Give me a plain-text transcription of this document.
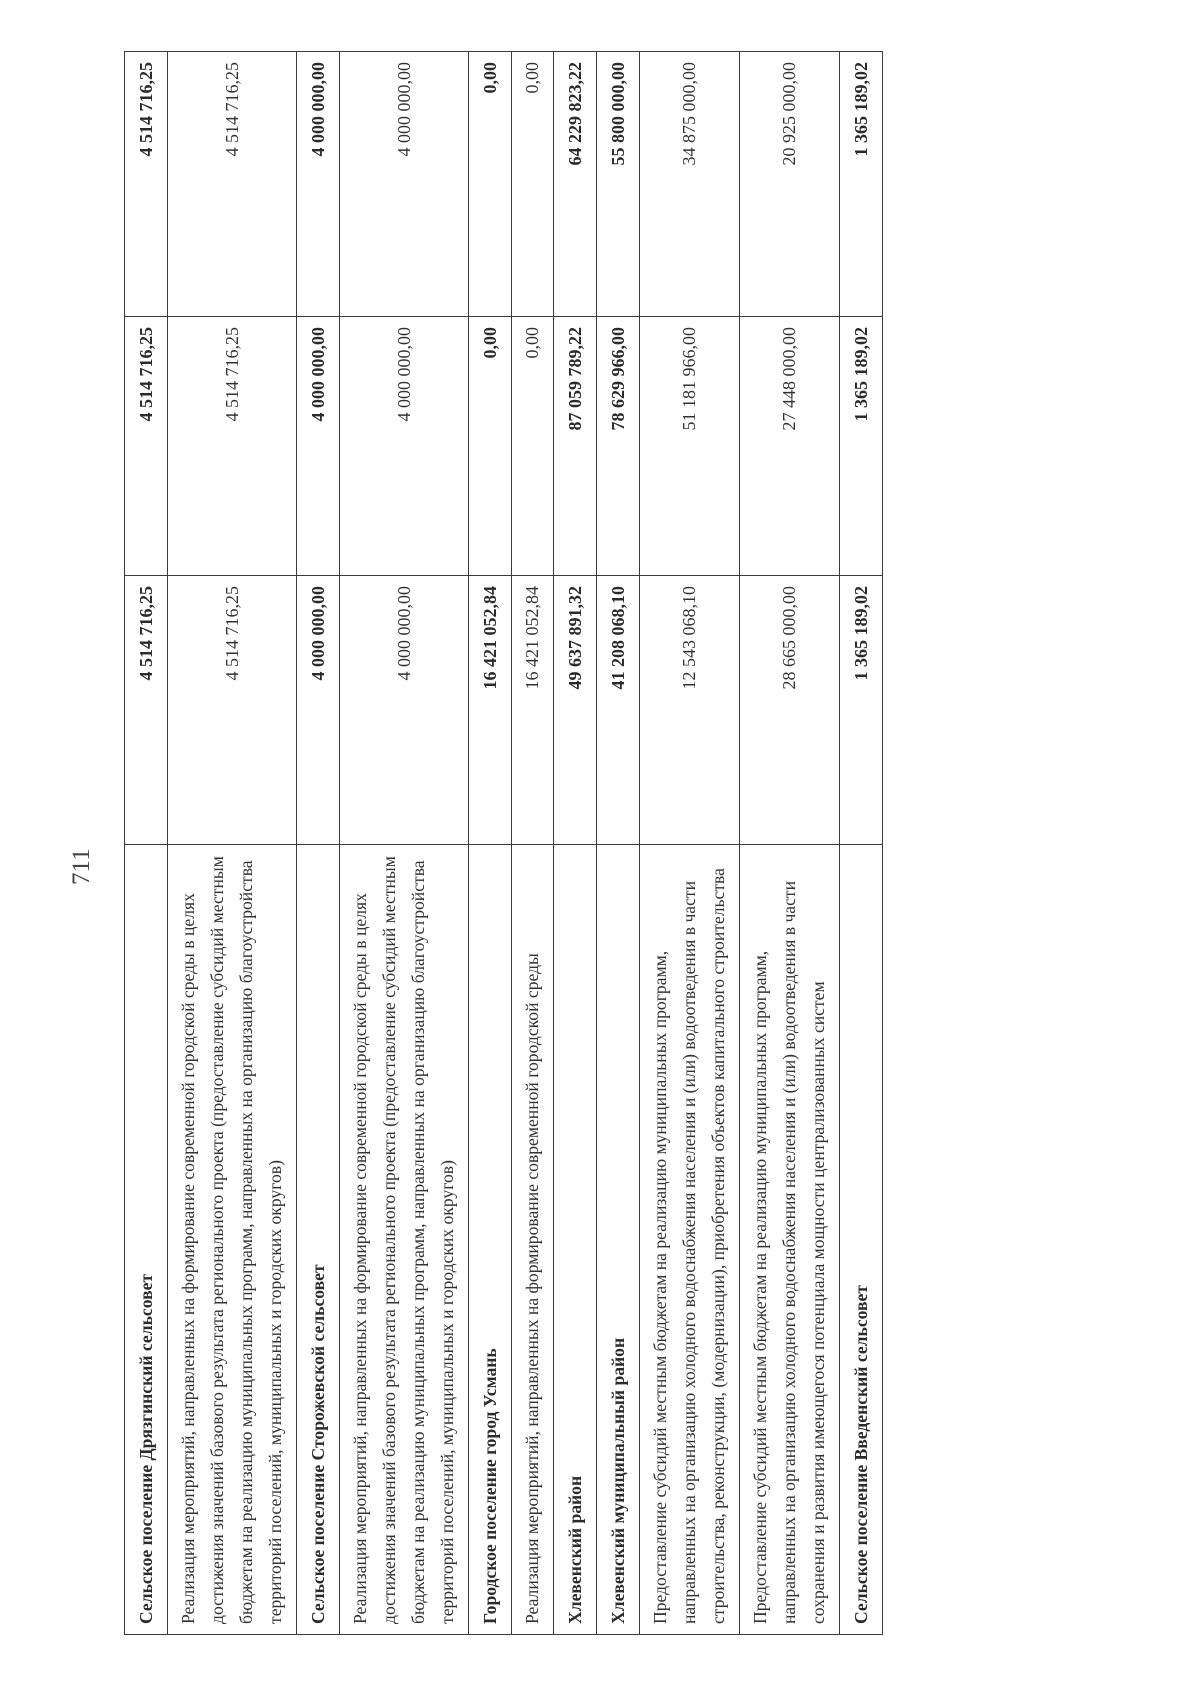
711
Сельское поселение Дрязгинский сельсовет	4 514 716,25	4 514 716,25	4 514 716,25
Реализация мероприятий, направленных на формирование современной городской среды в целях достижения значений базового результата регионального проекта (предоставление субсидий местным бюджетам на реализацию муниципальных программ, направленных на организацию благоустройства территорий поселений, муниципальных и городских округов)	4 514 716,25	4 514 716,25	4 514 716,25
Сельское поселение Сторожевской сельсовет	4 000 000,00	4 000 000,00	4 000 000,00
Реализация мероприятий, направленных на формирование современной городской среды в целях достижения значений базового результата регионального проекта (предоставление субсидий местным бюджетам на реализацию муниципальных программ, направленных на организацию благоустройства территорий поселений, муниципальных и городских округов)	4 000 000,00	4 000 000,00	4 000 000,00
Городское поселение город Усмань	16 421 052,84	0,00	0,00
Реализация мероприятий, направленных на формирование современной городской среды	16 421 052,84	0,00	0,00
Хлевенский район	49 637 891,32	87 059 789,22	64 229 823,22
Хлевенский муниципальный район	41 208 068,10	78 629 966,00	55 800 000,00
Предоставление субсидий местным бюджетам на реализацию муниципальных программ, направленных на организацию холодного водоснабжения населения и (или) водоотведения в части строительства, реконструкции, (модернизации), приобретения объектов капитального строительства	12 543 068,10	51 181 966,00	34 875 000,00
Предоставление субсидий местным бюджетам на реализацию муниципальных программ, направленных на организацию холодного водоснабжения населения и (или) водоотведения в части сохранения и развития имеющегося потенциала мощности централизованных систем	28 665 000,00	27 448 000,00	20 925 000,00
Сельское поселение Введенский сельсовет	1 365 189,02	1 365 189,02	1 365 189,02
